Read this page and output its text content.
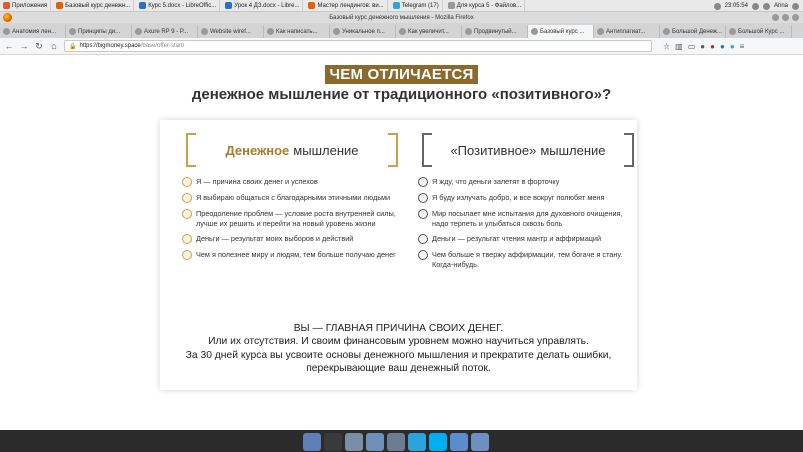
Приложения	Базовый курс денежн...	Курс 5.docx - LibreOffic...	Урок 4 ДЗ.docx - Libre...	Мастер лендингов: ви...	Telegram (17)	Для курса 5 - Файлов...	23:05:54	Anna
Базовый курс денежного мышления - Mozilla Firefox
Анатомия лен...	Принципы ди...	Axure RP 9 - P...	Website wiref...	Как написать...	Уникальное п...	Как увеличит...	Продвинутый...	Базовый курс ...	Антиплагиат...	Большой Денеж...	Большой Курс ...
← → ↻ ⌂	🔒 https://bigmoney.space /base/offer-start/	☆ ▥ ▭ ● ● ● ● ≡
ЧЕМ ОТЛИЧАЕТСЯ
денежное мышление от традиционного «позитивного»?
Денежное мышление
Я — причина своих денег и успехов
Я выбираю общаться с благодарными этичными людьми
Преодоление проблем — условие роста внутренней силы, лучше их решить и перейти на новый уровень жизни
Деньги — результат моих выборов и действий
Чем я полезнее миру и людям, тем больше получаю денег
«Позитивное» мышление
Я жду, что деньги залетят в форточку
Я буду излучать добро, и все вокруг полюбят меня
Мир посылает мне испытания для духовного очищения, надо терпеть и улыбаться сквозь боль
Деньги — результат чтения мантр и аффирмаций
Чем больше я твержу аффирмации, тем богаче я стану. Когда-нибудь.
ВЫ — ГЛАВНАЯ ПРИЧИНА СВОИХ ДЕНЕГ.
Или их отсутствия. И своим финансовым уровнем можно научиться управлять.
За 30 дней курса вы усвоите основы денежного мышления и прекратите делать ошибки,
перекрывающие ваш денежный поток.
